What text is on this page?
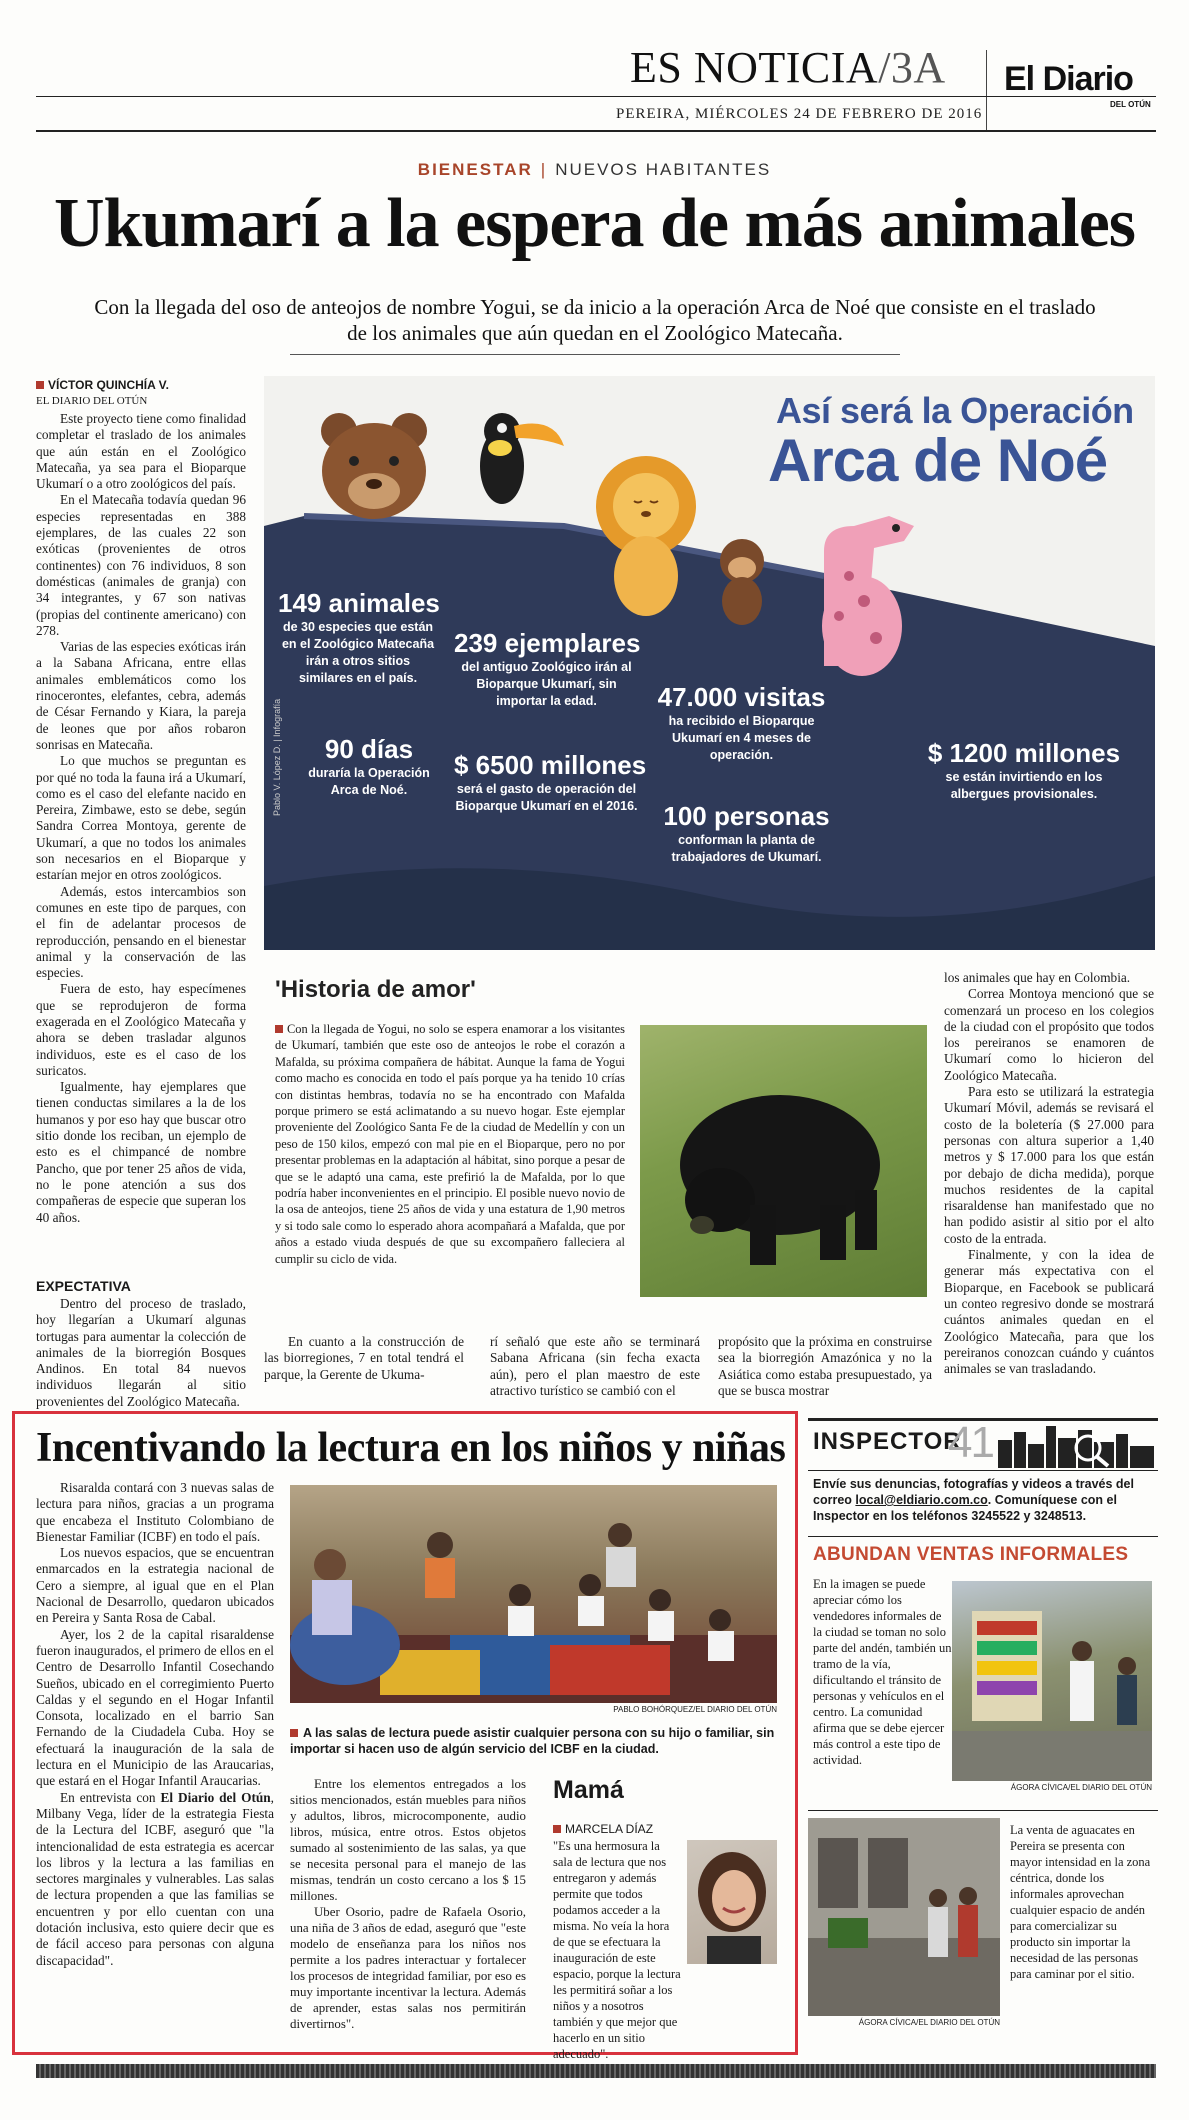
ES NOTICIA/3A El Diario
DEL OTÚN
PEREIRA, MIÉRCOLES 24 DE FEBRERO DE 2016
BIENESTAR | NUEVOS HABITANTES
Ukumarí a la espera de más animales
Con la llegada del oso de anteojos de nombre Yogui, se da inicio a la operación Arca de Noé que consiste en el traslado de los animales que aún quedan en el Zoológico Matecaña.
VÍCTOR QUINCHÍA V.
EL DIARIO DEL OTÚN

Este proyecto tiene como finalidad completar el traslado de los animales que aún están en el Zoológico Matecaña, ya sea para el Bioparque Ukumarí o a otro zoológicos del país.

En el Matecaña todavía quedan 96 especies representadas en 388 ejemplares, de las cuales 22 son exóticas (provenientes de otros continentes) con 76 individuos, 8 son domésticas (animales de granja) con 34 integrantes, y 67 son nativas (propias del continente americano) con 278.

Varias de las especies exóticas irán a la Sabana Africana, entre ellas animales emblemáticos como los rinocerontes, elefantes, cebra, además de César Fernando y Kiara, la pareja de leones que por años robaron sonrisas en Matecaña.

Lo que muchos se preguntan es por qué no toda la fauna irá a Ukumarí, como es el caso del elefante nacido en Pereira, Zimbawe, esto se debe, según Sandra Correa Montoya, gerente de Ukumarí, a que no todos los animales son necesarios en el Bioparque y estarían mejor en otros zoológicos.

Además, estos intercambios son comunes en este tipo de parques, con el fin de adelantar procesos de reproducción, pensando en el bienestar animal y la conservación de las especies.

Fuera de esto, hay especímenes que se reprodujeron de forma exagerada en el Zoológico Matecaña y ahora se deben trasladar algunos individuos, este es el caso de los suricatos.

Igualmente, hay ejemplares que tienen conductas similares a la de los humanos y por eso hay que buscar otro sitio donde los reciban, un ejemplo de esto es el chimpancé de nombre Pancho, que por tener 25 años de vida, no le pone atención a sus dos compañeras de especie que superan los 40 años.

EXPECTATIVA

Dentro del proceso de traslado, hoy llegarían a Ukumarí algunas tortugas para aumentar la colección de animales de la biorregión Bosques Andinos. En total 84 nuevos individuos llegarán al sitio provenientes del Zoológico Matecaña.

Así será la Operación
Arca de Noé
149 animales
de 30 especies que están en el Zoológico Matecaña irán a otros sitios similares en el país.
239 ejemplares
del antiguo Zoológico irán al Bioparque Ukumarí, sin importar la edad.	47.000 visitas
ha recibido el Bioparque Ukumarí en 4 meses de operación.	$ 1200 millones
se están invirtiendo en los albergues provisionales.
90 días
duraría la Operación Arca de Noé.
$ 6500 millones
será el gasto de operación del Bioparque Ukumarí en el 2016. 100 personas
conforman la planta de trabajadores de Ukumarí.
Pablo V. López D. | Infografía
'Historia de amor'

Con la llegada de Yogui, no solo se espera enamorar a los visitantes de Ukumarí, también que este oso de anteojos le robe el corazón a Mafalda, su próxima compañera de hábitat. Aunque la fama de Yogui como macho es conocida en todo el país porque ya ha tenido 10 crías con distintas hembras, todavía no se ha encontrado con Mafalda porque primero se está aclimatando a su nuevo hogar. Este ejemplar proveniente del Zoológico Santa Fe de la ciudad de Medellín y con un peso de 150 kilos, empezó con mal pie en el Bioparque, pero no por presentar problemas en la adaptación al hábitat, sino porque a pesar de que se le adaptó una cama, este prefirió la de Mafalda, por lo que podría haber inconvenientes en el principio. El posible nuevo novio de la osa de anteojos, tiene 25 años de vida y una estatura de 1,90 metros y si todo sale como lo esperado ahora acompañará a Mafalda, que por años a estado viuda después de que su excompañero falleciera al cumplir su ciclo de vida.

En cuanto a la construcción de las biorregiones, 7 en total tendrá el parque, la Gerente de Ukuma-

rí señaló que este año se terminará Sabana Africana (sin fecha exacta aún), pero el plan maestro de este atractivo turístico se cambió con el

propósito que la próxima en construirse sea la biorregión Amazónica y no la Asiática como estaba presupuestado, ya que se busca mostrar

los animales que hay en Colombia.

Correa Montoya mencionó que se comenzará un proceso en los colegios de la ciudad con el propósito que todos los pereiranos se enamoren de Ukumarí como lo hicieron del Zoológico Matecaña.

Para esto se utilizará la estrategia Ukumarí Móvil, además se revisará el costo de la boletería ($ 27.000 para personas con altura superior a 1,40 metros y $ 17.000 para los que están por debajo de dicha medida), porque muchos residentes de la capital risaraldense han manifestado que no han podido asistir al sitio por el alto costo de la entrada.

Finalmente, y con la idea de generar más expectativa con el Bioparque, en Facebook se publicará un conteo regresivo donde se mostrará cuántos animales quedan en el Zoológico Matecaña, para que los pereiranos conozcan cuándo y cuántos animales se van trasladando.

Incentivando la lectura en los niños y niñas

Risaralda contará con 3 nuevas salas de lectura para niños, gracias a un programa que encabeza el Instituto Colombiano de Bienestar Familiar (ICBF) en todo el país.

Los nuevos espacios, que se encuentran enmarcados en la estrategia nacional de Cero a siempre, al igual que en el Plan Nacional de Desarrollo, quedaron ubicados en Pereira y Santa Rosa de Cabal.

Ayer, los 2 de la capital risaraldense fueron inaugurados, el primero de ellos en el Centro de Desarrollo Infantil Cosechando Sueños, ubicado en el corregimiento Puerto Caldas y el segundo en el Hogar Infantil Consota, localizado en el barrio San Fernando de la Ciudadela Cuba. Hoy se efectuará la inauguración de la sala de lectura en el Municipio de las Araucarias, que estará en el Hogar Infantil Araucarias.

En entrevista con El Diario del Otún, Milbany Vega, líder de la estrategia Fiesta de la Lectura del ICBF, aseguró que "la intencionalidad de esta estrategia es acercar los libros y la lectura a las familias en sectores marginales y vulnerables. Las salas de lectura propenden a que las familias se encuentren y por ello cuentan con una dotación inclusiva, esto quiere decir que es de fácil acceso para personas con alguna discapacidad".

PABLO BOHÓRQUEZ/EL DIARIO DEL OTÚN
A las salas de lectura puede asistir cualquier persona con su hijo o familiar, sin importar si hacen uso de algún servicio del ICBF en la ciudad.

Entre los elementos entregados a los sitios mencionados, están muebles para niños y adultos, libros, microcomponente, audio libros, música, entre otros. Estos objetos sumado al sostenimiento de las salas, ya que se necesita personal para el manejo de las mismas, tendrán un costo cercano a los $ 15 millones.

Uber Osorio, padre de Rafaela Osorio, una niña de 3 años de edad, aseguró que "este modelo de enseñanza para los niños nos permite a los padres interactuar y fortalecer los procesos de integridad familiar, por eso es muy importante incentivar la lectura. Además de aprender, estas salas nos permitirán divertirnos".

Mamá
MARCELA DÍAZ

"Es una hermosura la sala de lectura que nos entregaron y además permite que todos podamos acceder a la misma. No veía la hora de que se efectuara la inauguración de este espacio, porque la lectura les permitirá soñar a los niños y a nosotros también y que mejor que hacerlo en un sitio adecuado".

INSPECTOR
41
Envíe sus denuncias, fotografías y videos a través del correo local@eldiario.com.co. Comuníquese con el Inspector en los teléfonos 3245522 y 3248513.
ABUNDAN VENTAS INFORMALES
En la imagen se puede apreciar cómo los vendedores informales de la ciudad se toman no solo parte del andén, también un tramo de la vía, dificultando el tránsito de personas y vehículos en el centro. La comunidad afirma que se debe ejercer más control a este tipo de actividad.
ÁGORA CÍVICA/EL DIARIO DEL OTÚN
ÁGORA CÍVICA/EL DIARIO DEL OTÚN
La venta de aguacates en Pereira se presenta con mayor intensidad en la zona céntrica, donde los informales aprovechan cualquier espacio de andén para comercializar su producto sin importar la necesidad de las personas para caminar por el sitio.
